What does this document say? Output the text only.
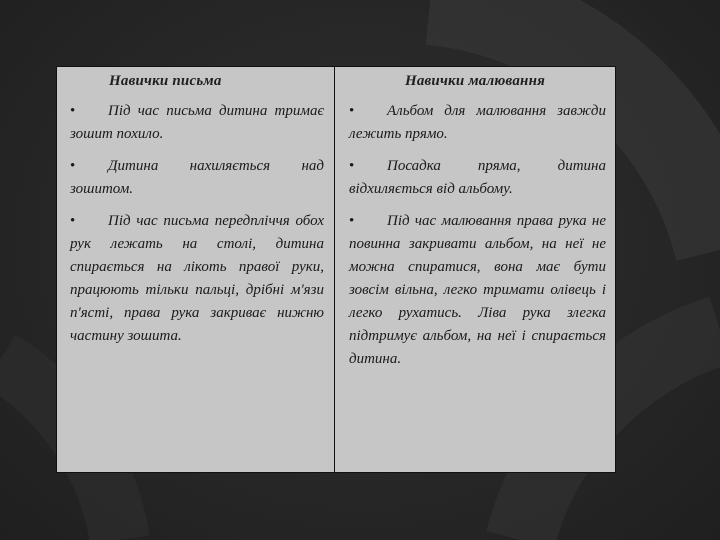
Навички письма
• Під час письма дитина тримає зошит похило.
• Дитина нахиляється над зошитом.
• Під час письма передпліччя обох рук лежать на столі, дитина спирається на лікоть правої руки, працюють тільки пальці, дрібні м'язи п'ясті, права рука закриває нижню частину зошита.
Навички малювання
• Альбом для малювання завжди лежить прямо.
• Посадка пряма, дитина відхиляється від альбому.
• Під час малювання права рука не повинна закривати альбом, на неї не можна спиратися, вона має бути зовсім вільна, легко тримати олівець і легко рухатись. Ліва рука злегка підтримує альбом, на неї і спирається дитина.
